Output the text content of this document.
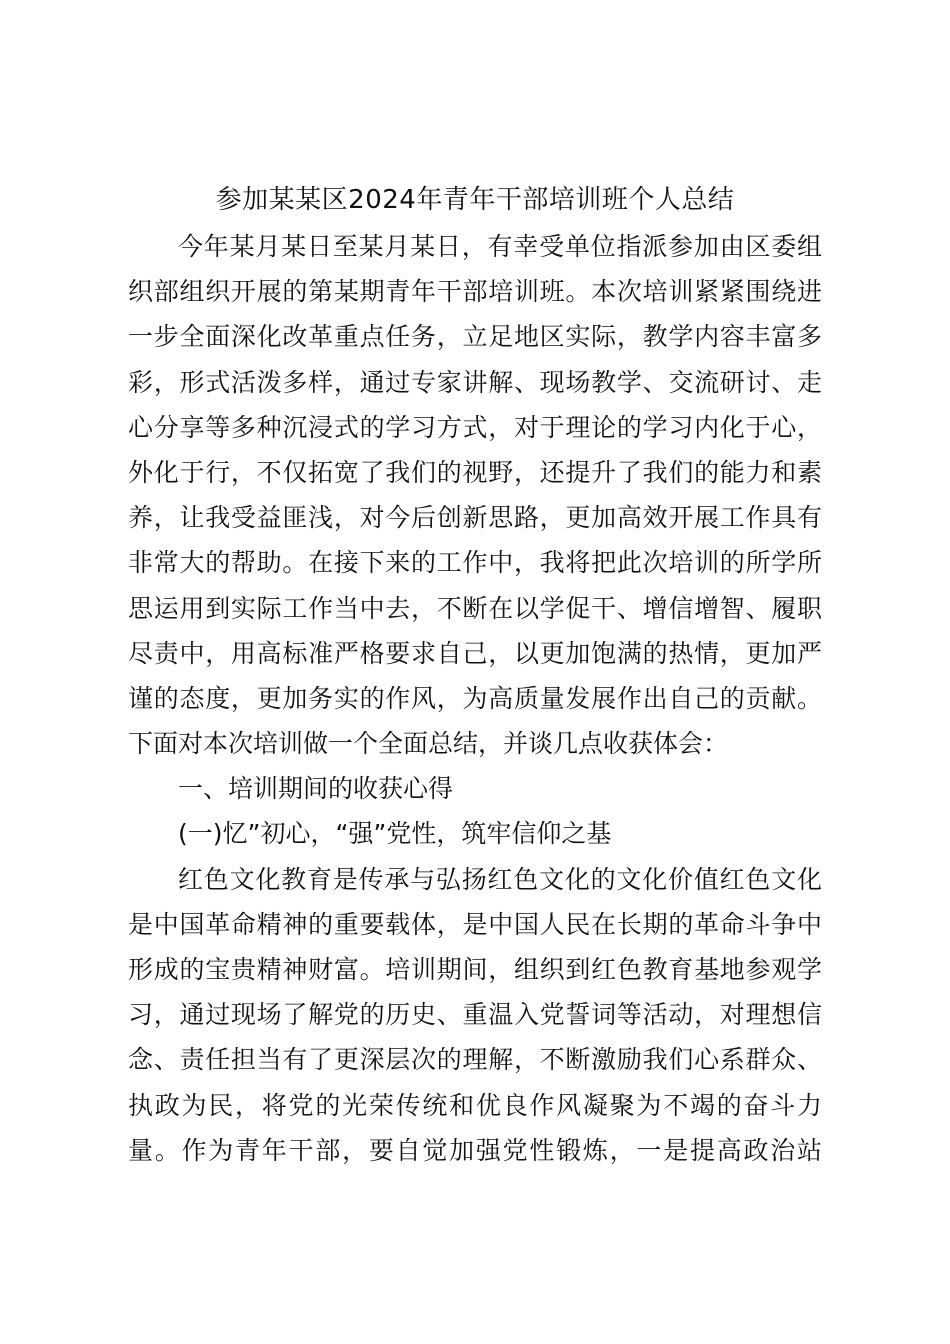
参加某某区2024年青年干部培训班个人总结
今年某月某日至某月某日，有幸受单位指派参加由区委组
织部组织开展的第某期青年干部培训班。本次培训紧紧围绕进
一步全面深化改革重点任务，立足地区实际，教学内容丰富多
彩，形式活泼多样，通过专家讲解、现场教学、交流研讨、走
心分享等多种沉浸式的学习方式，对于理论的学习内化于心，
外化于行，不仅拓宽了我们的视野，还提升了我们的能力和素
养，让我受益匪浅，对今后创新思路，更加高效开展工作具有
非常大的帮助。在接下来的工作中，我将把此次培训的所学所
思运用到实际工作当中去，不断在以学促干、增信增智、履职
尽责中，用高标准严格要求自己，以更加饱满的热情，更加严
谨的态度，更加务实的作风，为高质量发展作出自己的贡献。
下面对本次培训做一个全面总结，并谈几点收获体会：
一、培训期间的收获心得
(一)忆”初心，“强”党性，筑牢信仰之基
红色文化教育是传承与弘扬红色文化的文化价值红色文化
是中国革命精神的重要载体，是中国人民在长期的革命斗争中
形成的宝贵精神财富。培训期间，组织到红色教育基地参观学
习，通过现场了解党的历史、重温入党誓词等活动，对理想信
念、责任担当有了更深层次的理解，不断激励我们心系群众、
执政为民，将党的光荣传统和优良作风凝聚为不竭的奋斗力
量。作为青年干部，要自觉加强党性锻炼，一是提高政治站
